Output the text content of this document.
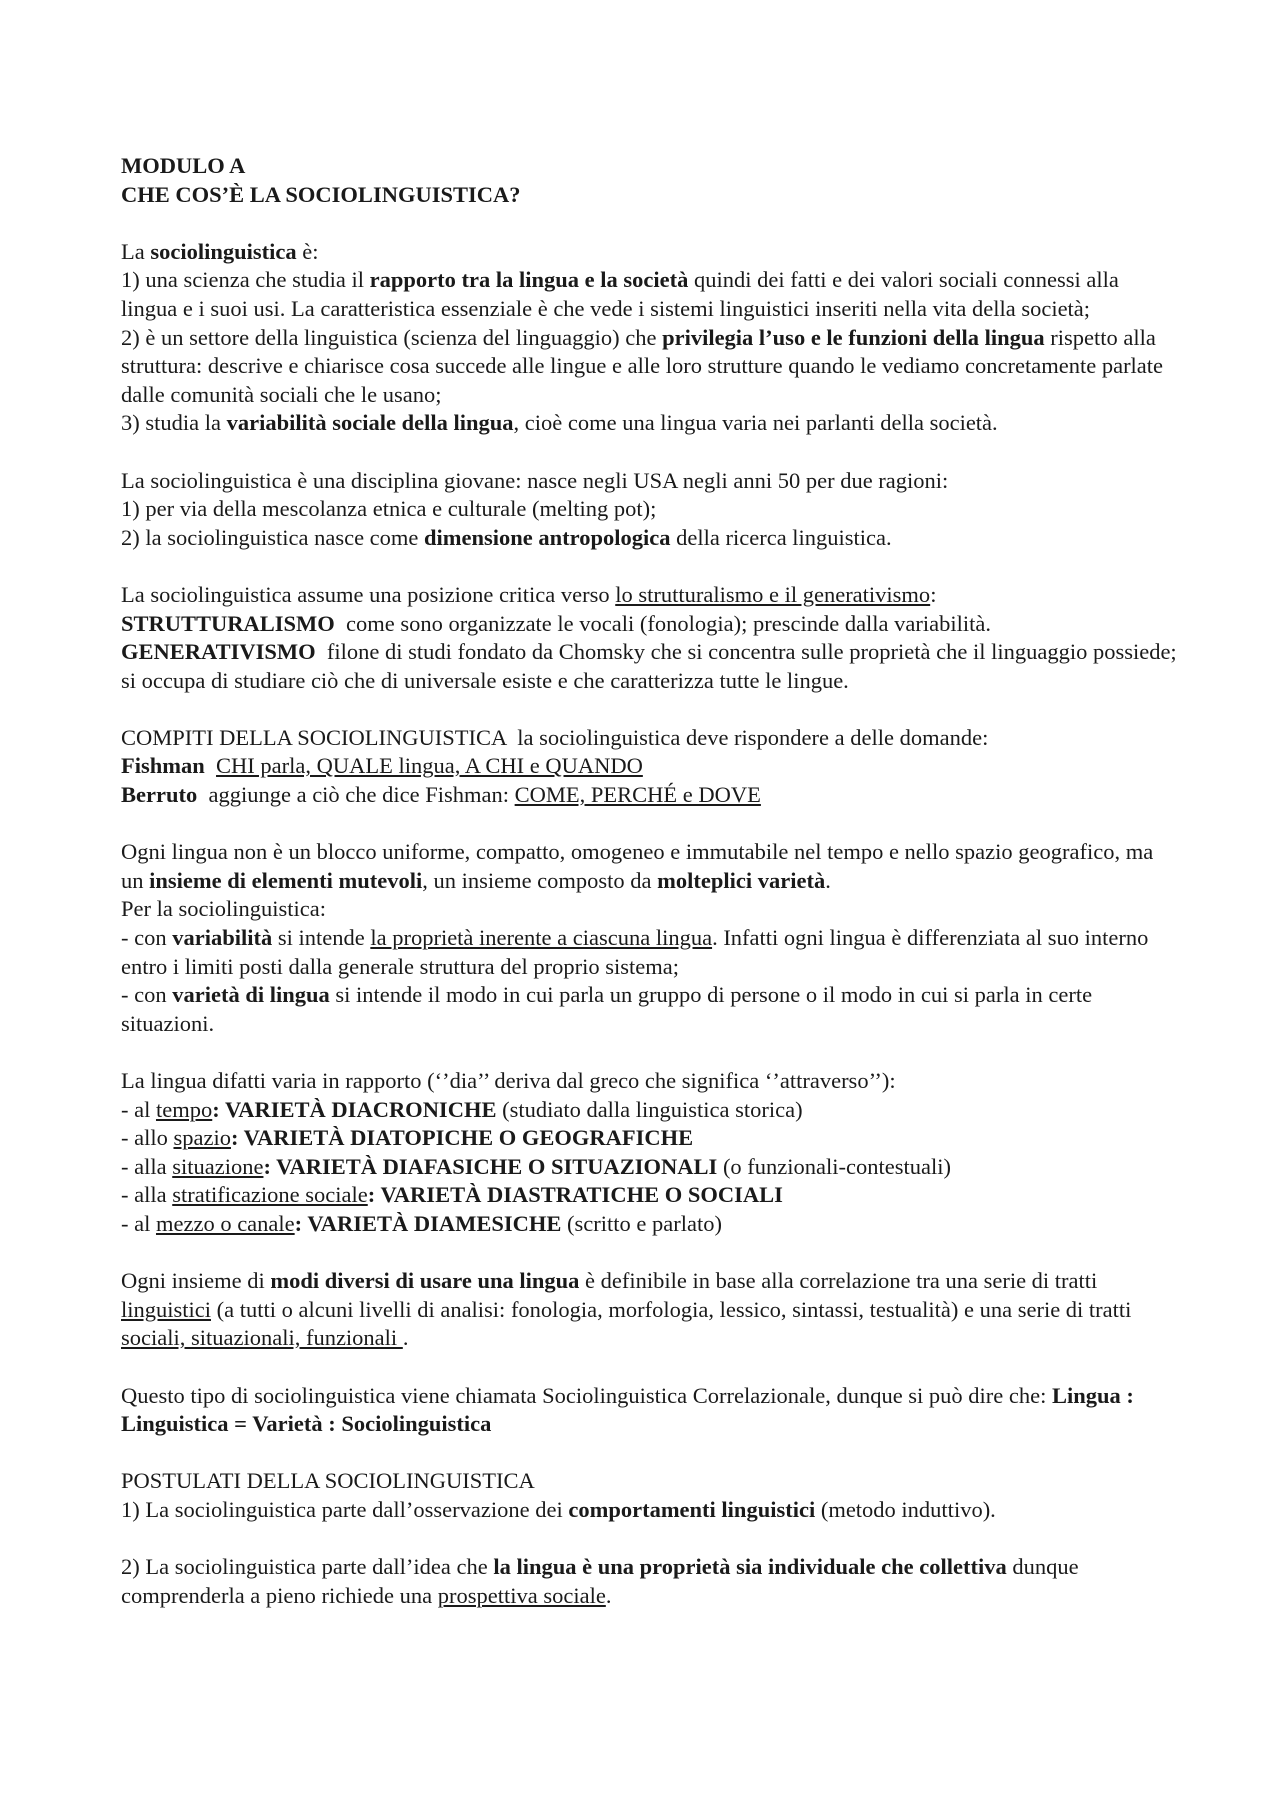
MODULO A

CHE COS’È LA SOCIOLINGUISTICA?

La sociolinguistica è:

1) una scienza che studia il rapporto tra la lingua e la società quindi dei fatti e dei valori sociali connessi alla lingua e i suoi usi. La caratteristica essenziale è che vede i sistemi linguistici inseriti nella vita della società;

2) è un settore della linguistica (scienza del linguaggio) che privilegia l’uso e le funzioni della lingua rispetto alla struttura: descrive e chiarisce cosa succede alle lingue e alle loro strutture quando le vediamo concretamente parlate dalle comunità sociali che le usano;

3) studia la variabilità sociale della lingua, cioè come una lingua varia nei parlanti della società.

La sociolinguistica è una disciplina giovane: nasce negli USA negli anni 50 per due ragioni:

1) per via della mescolanza etnica e culturale (melting pot);

2) la sociolinguistica nasce come dimensione antropologica della ricerca linguistica.

La sociolinguistica assume una posizione critica verso lo strutturalismo e il generativismo:

STRUTTURALISMO  come sono organizzate le vocali (fonologia); prescinde dalla variabilità.

GENERATIVISMO  filone di studi fondato da Chomsky che si concentra sulle proprietà che il linguaggio possiede; si occupa di studiare ciò che di universale esiste e che caratterizza tutte le lingue.

COMPITI DELLA SOCIOLINGUISTICA  la sociolinguistica deve rispondere a delle domande:

Fishman CHI parla, QUALE lingua, A CHI e QUANDO

Berruto  aggiunge a ciò che dice Fishman: COME, PERCHÉ e DOVE

Ogni lingua non è un blocco uniforme, compatto, omogeneo e immutabile nel tempo e nello spazio geografico, ma un insieme di elementi mutevoli, un insieme composto da molteplici varietà.

Per la sociolinguistica:

- con variabilità si intende la proprietà inerente a ciascuna lingua. Infatti ogni lingua è differenziata al suo interno entro i limiti posti dalla generale struttura del proprio sistema;

- con varietà di lingua si intende il modo in cui parla un gruppo di persone o il modo in cui si parla in certe situazioni.

La lingua difatti varia in rapporto (‘’dia’’ deriva dal greco che significa ‘’attraverso’’):

- al tempo: VARIETÀ DIACRONICHE (studiato dalla linguistica storica)

- allo spazio: VARIETÀ DIATOPICHE O GEOGRAFICHE

- alla situazione: VARIETÀ DIAFASICHE O SITUAZIONALI (o funzionali-contestuali)

- alla stratificazione sociale: VARIETÀ DIASTRATICHE O SOCIALI

- al mezzo o canale: VARIETÀ DIAMESICHE (scritto e parlato)

Ogni insieme di modi diversi di usare una lingua è definibile in base alla correlazione tra una serie di tratti linguistici (a tutti o alcuni livelli di analisi: fonologia, morfologia, lessico, sintassi, testualità) e una serie di tratti sociali, situazionali, funzionali .

Questo tipo di sociolinguistica viene chiamata Sociolinguistica Correlazionale, dunque si può dire che: Lingua : Linguistica = Varietà : Sociolinguistica

POSTULATI DELLA SOCIOLINGUISTICA

1) La sociolinguistica parte dall’osservazione dei comportamenti linguistici (metodo induttivo).

2) La sociolinguistica parte dall’idea che la lingua è una proprietà sia individuale che collettiva dunque comprenderla a pieno richiede una prospettiva sociale.
